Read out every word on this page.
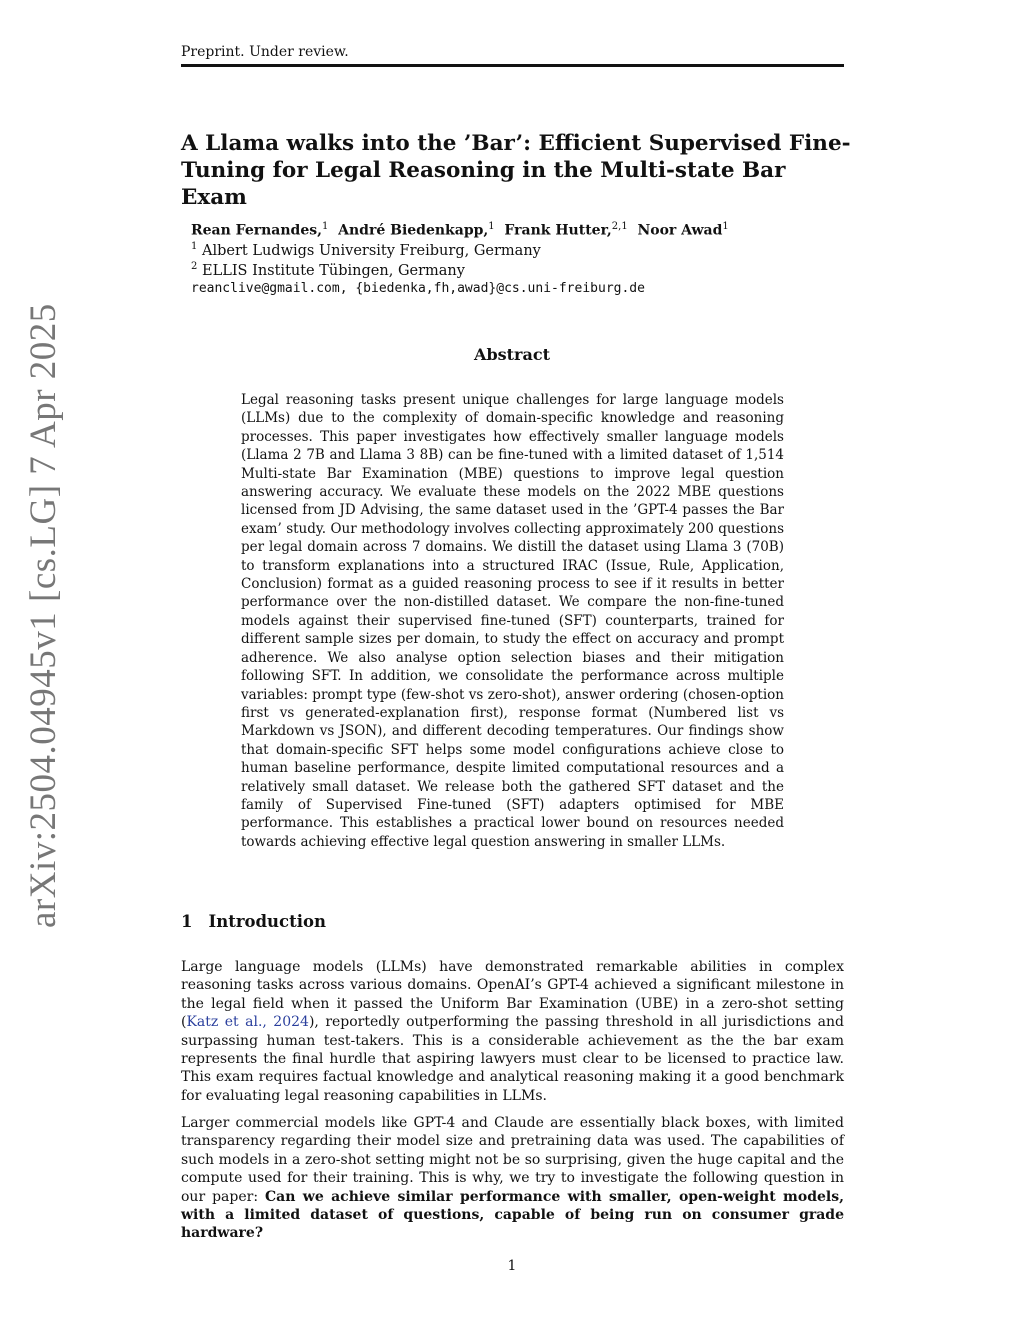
Preprint. Under review.
arXiv:2504.04945v1 [cs.LG] 7 Apr 2025
A Llama walks into the ’Bar’: Efficient Supervised Fine-Tuning for Legal Reasoning in the Multi-state Bar Exam
Rean Fernandes,$^1$ André Biedenkapp,$^1$ Frank Hutter,$^{2,1}$ Noor Awad$^1$
$^1$ Albert Ludwigs University Freiburg, Germany
$^2$ ELLIS Institute Tübingen, Germany
reanclive@gmail.com, {biedenka,fh,awad}@cs.uni-freiburg.de
Abstract
Legal reasoning tasks present unique challenges for large language models (LLMs) due to the complexity of domain-specific knowledge and reasoning processes. This paper investigates how effectively smaller language models (Llama 2 7B and Llama 3 8B) can be fine-tuned with a limited dataset of 1,514 Multi-state Bar Examination (MBE) questions to improve legal question answering accuracy. We evaluate these models on the 2022 MBE questions licensed from JD Advising, the same dataset used in the ’GPT-4 passes the Bar exam’ study. Our methodology involves collecting approximately 200 questions per legal domain across 7 domains. We distill the dataset using Llama 3 (70B) to transform explanations into a structured IRAC (Issue, Rule, Application, Conclusion) format as a guided reasoning process to see if it results in better performance over the non-distilled dataset. We compare the non-fine-tuned models against their supervised fine-tuned (SFT) counterparts, trained for different sample sizes per domain, to study the effect on accuracy and prompt adherence. We also analyse option selection biases and their mitigation following SFT. In addition, we consolidate the performance across multiple variables: prompt type (few-shot vs zero-shot), answer ordering (chosen-option first vs generated-explanation first), response format (Numbered list vs Markdown vs JSON), and different decoding temperatures. Our findings show that domain-specific SFT helps some model configurations achieve close to human baseline performance, despite limited computational resources and a relatively small dataset. We release both the gathered SFT dataset and the family of Supervised Fine-tuned (SFT) adapters optimised for MBE performance. This establishes a practical lower bound on resources needed towards achieving effective legal question answering in smaller LLMs.
1 Introduction
Large language models (LLMs) have demonstrated remarkable abilities in complex reasoning tasks across various domains. OpenAI’s GPT-4 achieved a significant milestone in the legal field when it passed the Uniform Bar Examination (UBE) in a zero-shot setting (Katz et al., 2024), reportedly outperforming the passing threshold in all jurisdictions and surpassing human test-takers. This is a considerable achievement as the the bar exam represents the final hurdle that aspiring lawyers must clear to be licensed to practice law. This exam requires factual knowledge and analytical reasoning making it a good benchmark for evaluating legal reasoning capabilities in LLMs.
Larger commercial models like GPT-4 and Claude are essentially black boxes, with limited transparency regarding their model size and pretraining data was used. The capabilities of such models in a zero-shot setting might not be so surprising, given the huge capital and the compute used for their training. This is why, we try to investigate the following question in our paper: Can we achieve similar performance with smaller, open-weight models, with a limited dataset of questions, capable of being run on consumer grade hardware?
1
